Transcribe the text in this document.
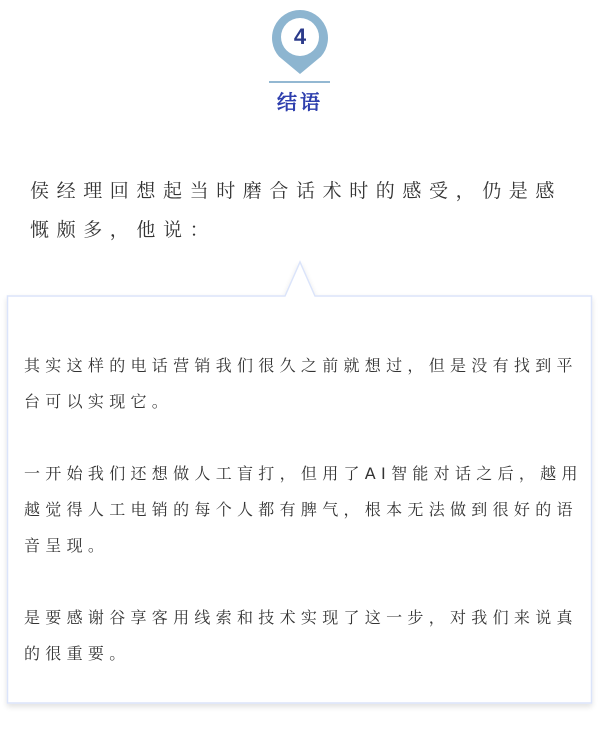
4
结语

侯经理回想起当时磨合话术时的感受，仍是感慨颇多，他说：

其实这样的电话营销我们很久之前就想过，但是没有找到平台可以实现它。

一开始我们还想做人工盲打，但用了AI智能对话之后，越用越觉得人工电销的每个人都有脾气，根本无法做到很好的语音呈现。

是要感谢谷享客用线索和技术实现了这一步，对我们来说真的很重要。
